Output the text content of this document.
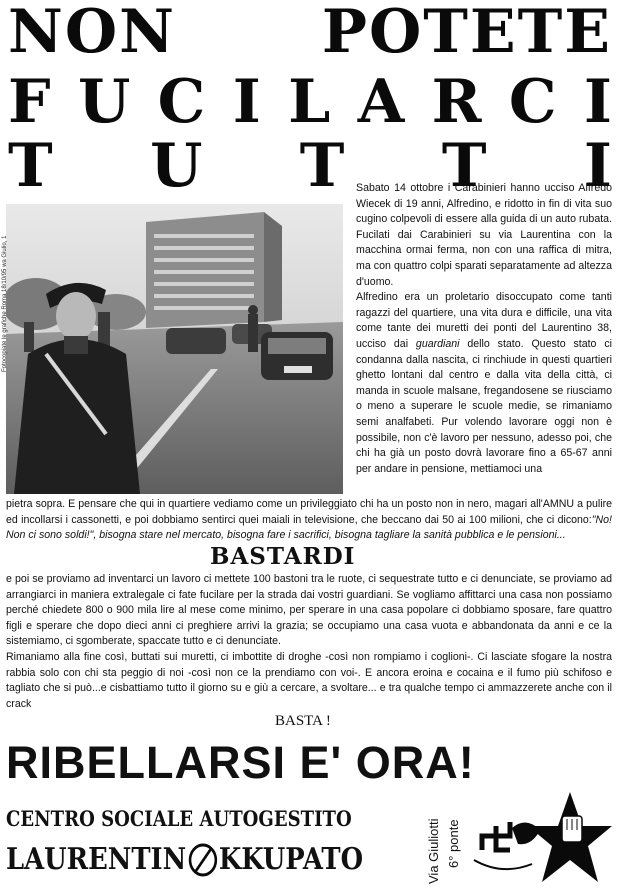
NON POTETE
F U C I L A R C I
T U T T I
Fotocopiate le grafiche Roma 18/10/95 wa Giulio, 1

Sabato 14 ottobre i Carabinieri hanno ucciso Alfredo Wiecek di 19 anni, Alfredino, e ridotto in fin di vita suo cugino colpevoli di essere alla guida di un auto rubata. Fucilati dai Carabinieri su via Laurentina con la macchina ormai ferma, non con una raffica di mitra, ma con quattro colpi sparati separatamente ad altezza d'uomo.

Alfredino era un proletario disoccupato come tanti ragazzi del quartiere, una vita dura e difficile, una vita come tante dei muretti dei ponti del Laurentino 38, ucciso dai guardiani dello stato. Questo stato ci condanna dalla nascita, ci rinchiude in questi quartieri ghetto lontani dal centro e dalla vita della città, ci manda in scuole malsane, fregandosene se riusciamo o meno a superare le scuole medie, se rimaniamo semi analfabeti. Pur volendo lavorare oggi non è possibile, non c'è lavoro per nessuno, adesso poi, che chi ha già un posto dovrà lavorare fino a 65-67 anni per andare in pensione, mettiamoci una

pietra sopra. E pensare che qui in quartiere vediamo come un privileggiato chi ha un posto non in nero, magari all'AMNU a pulire ed incollarsi i cassonetti, e poi dobbiamo sentirci quei maiali in televisione, che beccano dai 50 ai 100 milioni, che ci dicono:"No! Non ci sono soldi!", bisogna stare nel mercato, bisogna fare i sacrifici, bisogna tagliare la sanità pubblica e le pensioni...

BASTARDI

e poi se proviamo ad inventarci un lavoro ci mettete 100 bastoni tra le ruote, ci sequestrate tutto e ci denunciate, se proviamo ad arrangiarci in maniera extralegale ci fate fucilare per la strada dai vostri guardiani. Se vogliamo affittarci una casa non possiamo perché chiedete 800 o 900 mila lire al mese come minimo, per sperare in una casa popolare ci dobbiamo sposare, fare quattro figli e sperare che dopo dieci anni ci preghiere arrivi la grazia; se occupiamo una casa vuota e abbandonata da anni e ce la sistemiamo, ci sgomberate, spaccate tutto e ci denunciate.

Rimaniamo alla fine così, buttati sui muretti, ci imbottite di droghe -così non rompiamo i coglioni-. Ci lasciate sfogare la nostra rabbia solo con chi sta peggio di noi -così non ce la prendiamo con voi-. E ancora eroina e cocaina e il fumo più schifoso e tagliato che si può...e cisbattiamo tutto il giorno su e giù a cercare, a svoltare... e tra qualche tempo ci ammazzerete anche con il crack

BASTA !
RIBELLARSI E' ORA!
CENTRO SOCIALE AUTOGESTITO
LAURENTIN KKUPATO	Via Giuliotti 6° ponte
